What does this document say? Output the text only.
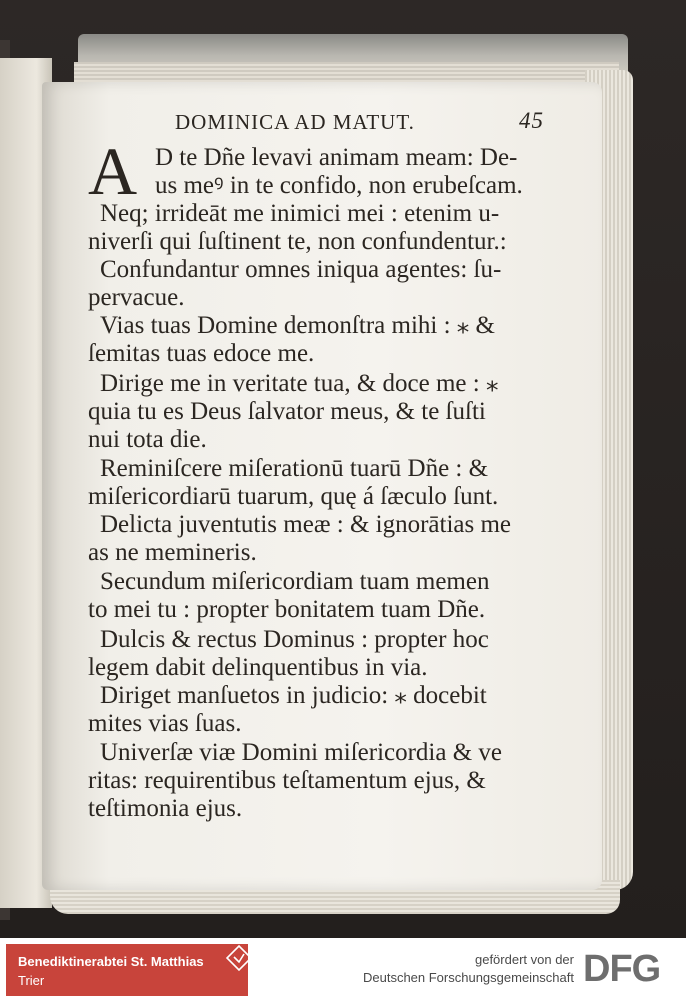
DOMINICA AD MATUT.	45
A D te Dñe levavi animam meam: De-
us meꝰ in te confido, non erubeſcam.
Neq; irrideāt me inimici mei : etenim u-
niverſi qui ſuſtinent te, non confundentur.:
Confundantur omnes iniqua agentes: ſu-
pervacue.
Vias tuas Domine demonſtra mihi : ⁎ &
ſemitas tuas edoce me.
Dirige me in veritate tua, & doce me : ⁎
quia tu es Deus ſalvator meus, & te ſuſti
nui tota die.
Reminiſcere miſerationū tuarū Dñe : &
miſericordiarū tuarum, quę á ſæculo ſunt.
Delicta juventutis meæ : & ignorātias me
as ne memineris.
Secundum miſericordiam tuam memen
to mei tu : propter bonitatem tuam Dñe.
Dulcis & rectus Dominus : propter hoc
legem dabit delinquentibus in via.
Diriget manſuetos in judicio: ⁎ docebit
mites vias ſuas.
Univerſæ viæ Domini miſericordia & ve
ritas: requirentibus teſtamentum ejus, &
teſtimonia ejus.
Benediktinerabtei St. Matthias
Trier
gefördert von der
Deutschen Forschungsgemeinschaft DFG
